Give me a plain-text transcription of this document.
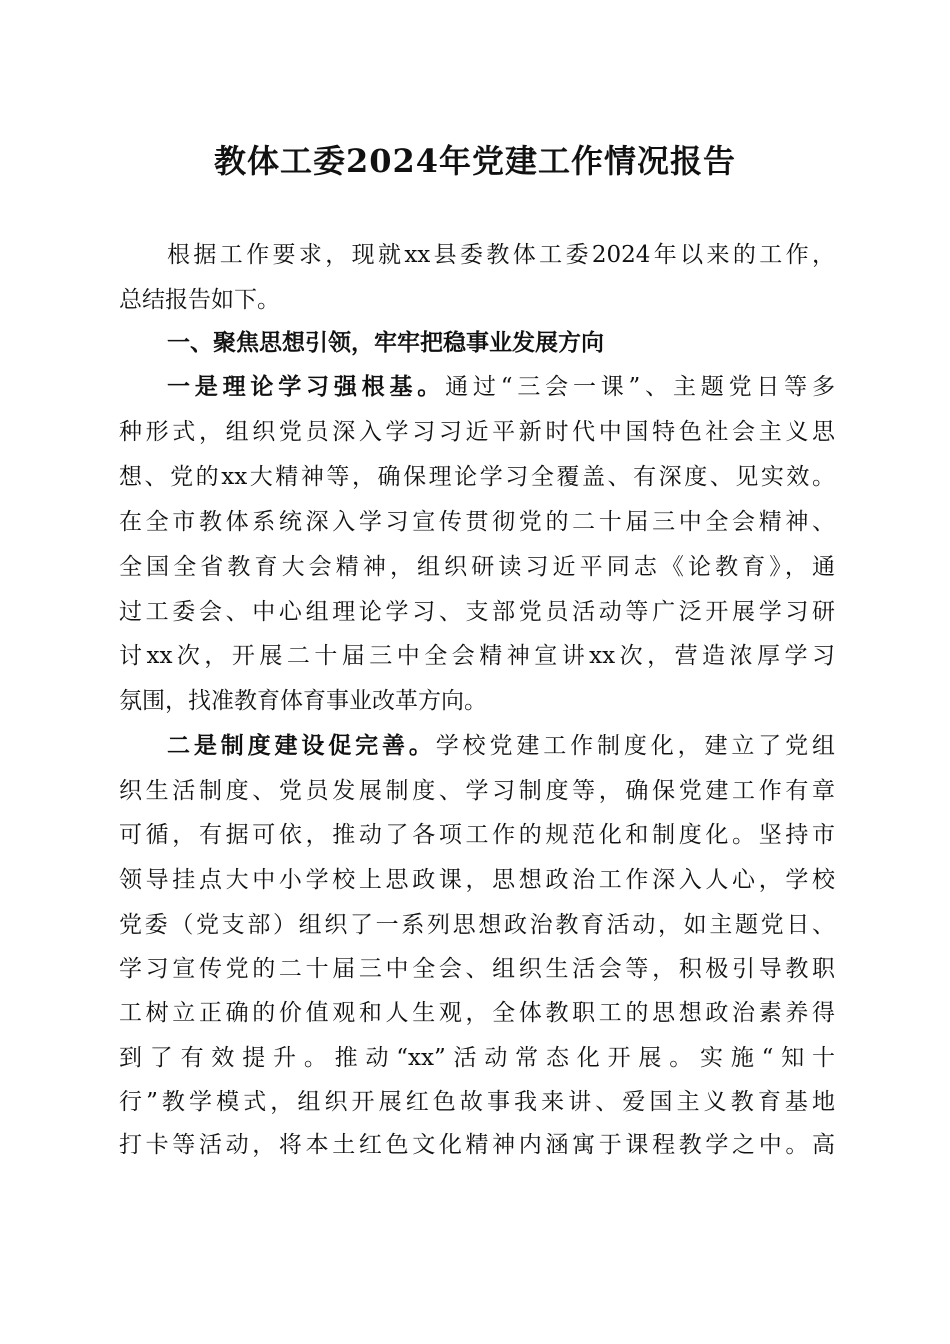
教体工委2024年党建工作情况报告
根据工作要求，现就xx县委教体工委2024年以来的工作，
总结报告如下。
一、聚焦思想引领，牢牢把稳事业发展方向
一是理论学习强根基。通过“三会一课”、主题党日等多
种形式，组织党员深入学习习近平新时代中国特色社会主义思
想、党的xx大精神等，确保理论学习全覆盖、有深度、见实效。
在全市教体系统深入学习宣传贯彻党的二十届三中全会精神、
全国全省教育大会精神，组织研读习近平同志《论教育》，通
过工委会、中心组理论学习、支部党员活动等广泛开展学习研
讨xx次，开展二十届三中全会精神宣讲xx次，营造浓厚学习
氛围，找准教育体育事业改革方向。
二是制度建设促完善。学校党建工作制度化，建立了党组
织生活制度、党员发展制度、学习制度等，确保党建工作有章
可循，有据可依，推动了各项工作的规范化和制度化。坚持市
领导挂点大中小学校上思政课，思想政治工作深入人心，学校
党委（党支部）组织了一系列思想政治教育活动，如主题党日、
学习宣传党的二十届三中全会、组织生活会等，积极引导教职
工树立正确的价值观和人生观，全体教职工的思想政治素养得
到了有效提升。推动“xx”活动常态化开展。实施“知十
行”教学模式，组织开展红色故事我来讲、爱国主义教育基地
打卡等活动，将本土红色文化精神内涵寓于课程教学之中。高
